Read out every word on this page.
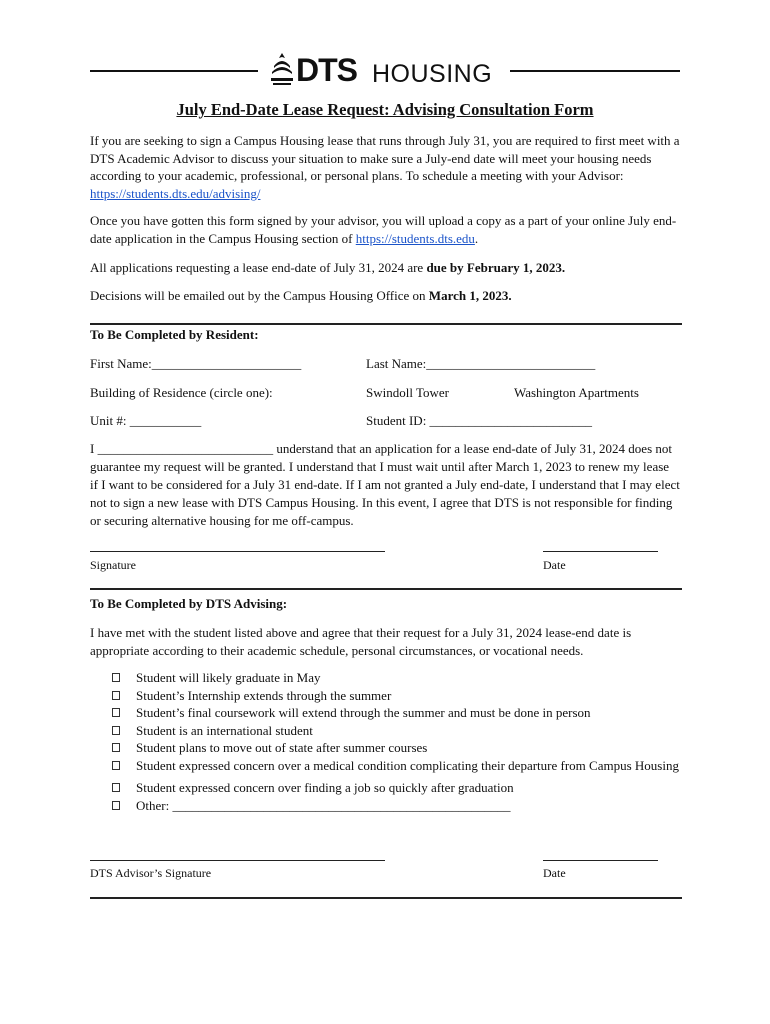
DTS HOUSING
July End-Date Lease Request: Advising Consultation Form
If you are seeking to sign a Campus Housing lease that runs through July 31, you are required to first meet with a DTS Academic Advisor to discuss your situation to make sure a July-end date will meet your housing needs according to your academic, professional, or personal plans. To schedule a meeting with your Advisor: https://students.dts.edu/advising/
Once you have gotten this form signed by your advisor, you will upload a copy as a part of your online July end-date application in the Campus Housing section of https://students.dts.edu.
All applications requesting a lease end-date of July 31, 2024 are due by February 1, 2023.
Decisions will be emailed out by the Campus Housing Office on March 1, 2023.
To Be Completed by Resident:
First Name:_______________________	Last Name:__________________________
Building of Residence (circle one):	Swindoll Tower	Washington Apartments
Unit #: ___________	Student ID: _________________________
I ___________________________ understand that an application for a lease end-date of July 31, 2024 does not guarantee my request will be granted. I understand that I must wait until after March 1, 2023 to renew my lease if I want to be considered for a July 31 end-date. If I am not granted a July end-date, I understand that I may elect not to sign a new lease with DTS Campus Housing. In this event, I agree that DTS is not responsible for finding or securing alternative housing for me off-campus.
Signature	Date
To Be Completed by DTS Advising:
I have met with the student listed above and agree that their request for a July 31, 2024 lease-end date is appropriate according to their academic schedule, personal circumstances, or vocational needs.
Student will likely graduate in May
Student’s Internship extends through the summer
Student’s final coursework will extend through the summer and must be done in person
Student is an international student
Student plans to move out of state after summer courses
Student expressed concern over a medical condition complicating their departure from Campus Housing
Student expressed concern over finding a job so quickly after graduation
Other: ____________________________________________________
DTS Advisor’s Signature	Date
